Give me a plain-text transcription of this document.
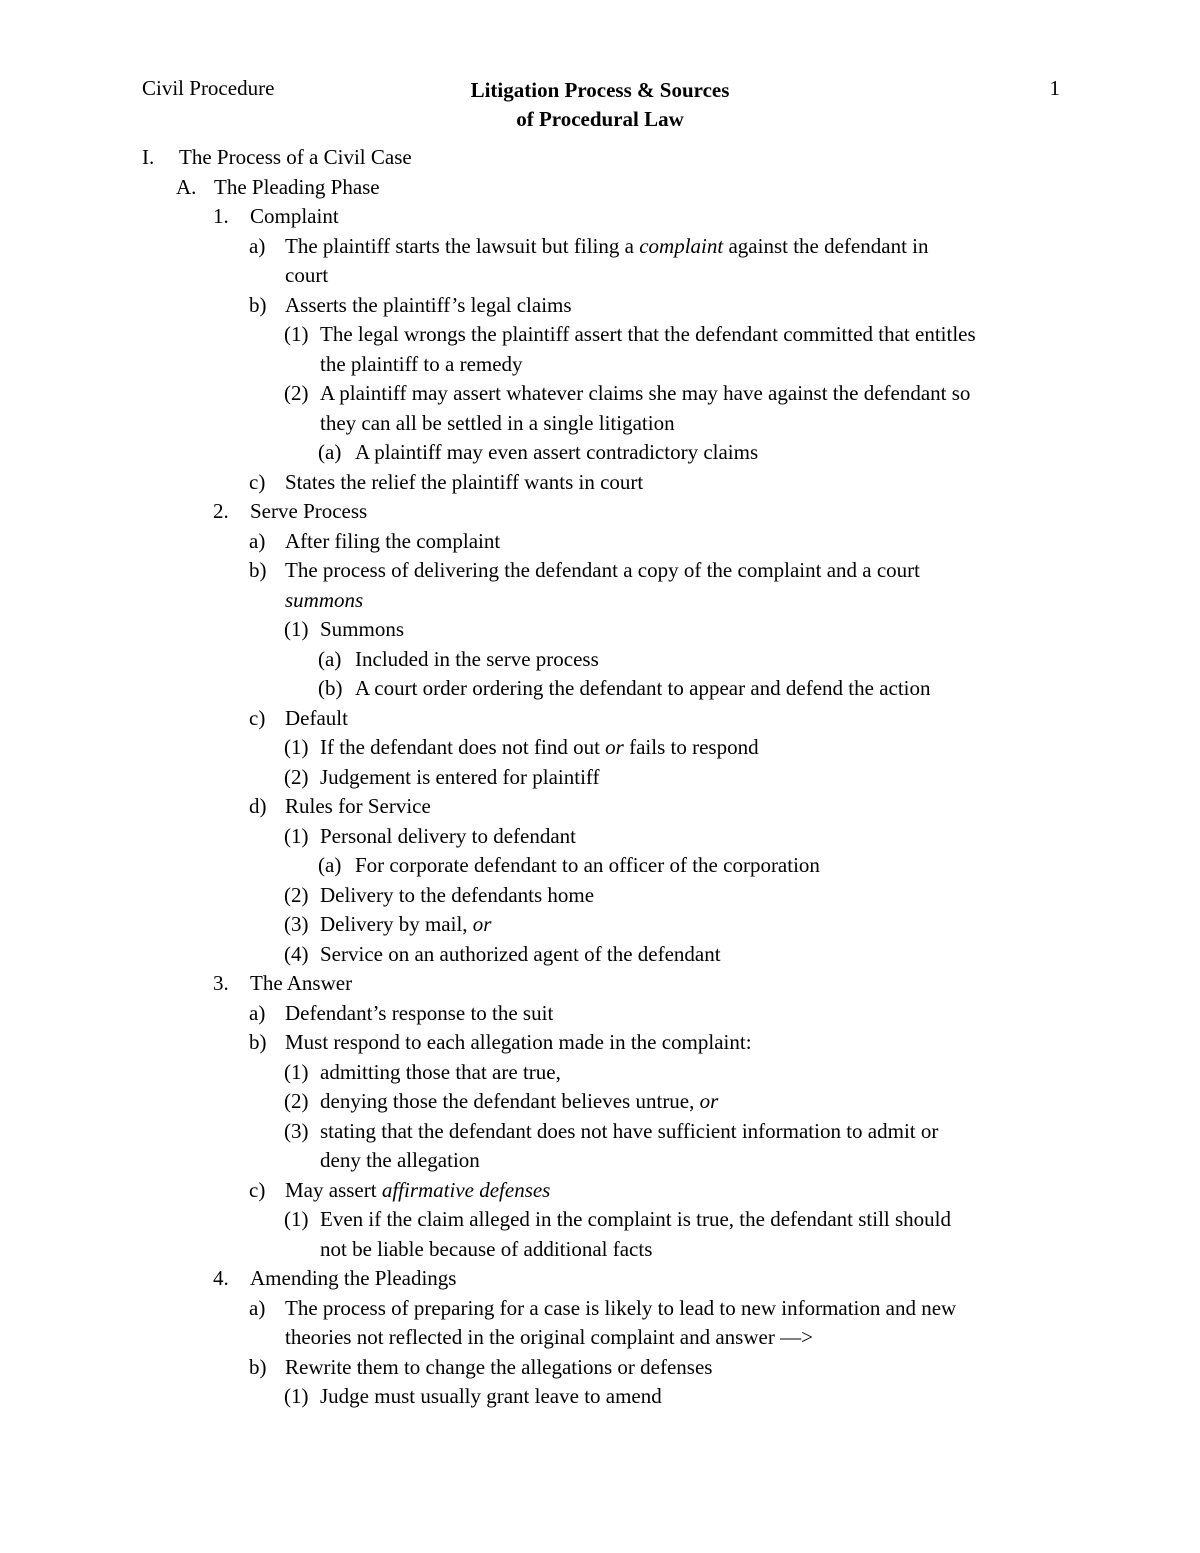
Civil Procedure	Litigation Process & Sources
of Procedural Law
1
I. The Process of a Civil Case
A. The Pleading Phase
1. Complaint
a) The plaintiff starts the lawsuit but filing a complaint against the defendant in
court
b) Asserts the plaintiff’s legal claims
(1) The legal wrongs the plaintiff assert that the defendant committed that entitles
the plaintiff to a remedy
(2) A plaintiff may assert whatever claims she may have against the defendant so
they can all be settled in a single litigation
(a) A plaintiff may even assert contradictory claims
c) States the relief the plaintiff wants in court
2. Serve Process
a) After filing the complaint
b) The process of delivering the defendant a copy of the complaint and a court
summons
(1) Summons
(a) Included in the serve process
(b) A court order ordering the defendant to appear and defend the action
c) Default
(1) If the defendant does not find out or fails to respond
(2) Judgement is entered for plaintiff
d) Rules for Service
(1) Personal delivery to defendant
(a) For corporate defendant to an officer of the corporation
(2) Delivery to the defendants home
(3) Delivery by mail, or
(4) Service on an authorized agent of the defendant
3. The Answer
a) Defendant’s response to the suit
b) Must respond to each allegation made in the complaint:
(1) admitting those that are true,
(2) denying those the defendant believes untrue, or
(3) stating that the defendant does not have sufficient information to admit or
deny the allegation
c) May assert affirmative defenses
(1) Even if the claim alleged in the complaint is true, the defendant still should
not be liable because of additional facts
4. Amending the Pleadings
a) The process of preparing for a case is likely to lead to new information and new
theories not reflected in the original complaint and answer —>
b) Rewrite them to change the allegations or defenses
(1) Judge must usually grant leave to amend
